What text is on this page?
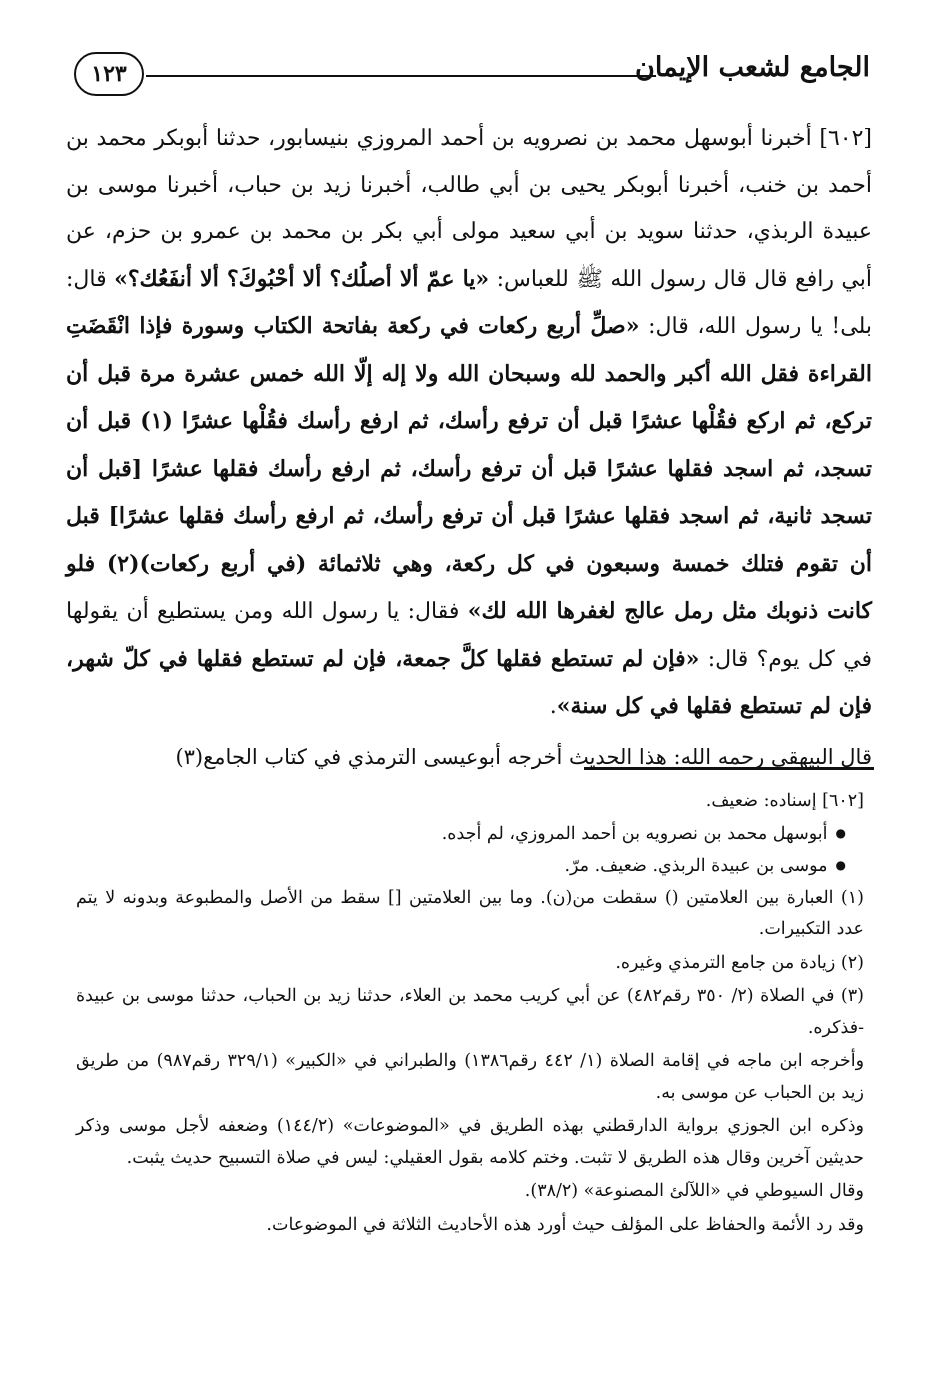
الجامع لشعب الإيمان
١٢٣

[٦٠٢] أخبرنا أبوسهل محمد بن نصرويه بن أحمد المروزي بنيسابور، حدثنا أبوبكر محمد بن أحمد بن خنب، أخبرنا أبوبكر يحيى بن أبي طالب، أخبرنا زيد بن حباب، أخبرنا موسى بن عبيدة الربذي، حدثنا سويد بن أبي سعيد مولى أبي بكر بن محمد بن عمرو بن حزم، عن أبي رافع قال قال رسول الله ﷺ للعباس: «يا عمّ ألا أصلُك؟ ألا أحْبُوكَ؟ ألا أنفَعُك؟» قال: بلى! يا رسول الله، قال: «صلِّ أربع ركعات في ركعة بفاتحة الكتاب وسورة فإذا انْقَضَتِ القراءة فقل الله أكبر والحمد لله وسبحان الله ولا إله إلّا الله خمس عشرة مرة قبل أن تركع، ثم اركع فقُلْها عشرًا قبل أن ترفع رأسك، ثم ارفع رأسك فقُلْها عشرًا (١) قبل أن تسجد، ثم اسجد فقلها عشرًا قبل أن ترفع رأسك، ثم ارفع رأسك فقلها عشرًا [قبل أن تسجد ثانية، ثم اسجد فقلها عشرًا قبل أن ترفع رأسك، ثم ارفع رأسك فقلها عشرًا] قبل أن تقوم فتلك خمسة وسبعون في كل ركعة، وهي ثلاثمائة (في أربع ركعات)(٢) فلو كانت ذنوبك مثل رمل عالج لغفرها الله لك» فقال: يا رسول الله ومن يستطيع أن يقولها في كل يوم؟ قال: «فإن لم تستطع فقلها كلَّ جمعة، فإن لم تستطع فقلها في كلّ شهر، فإن لم تستطع فقلها في كل سنة».

قال البيهقي رحمه الله: هذا الحديث أخرجه أبوعيسى الترمذي في كتاب الجامع(٣)

[٦٠٢] إسناده: ضعيف.

● أبوسهل محمد بن نصرويه بن أحمد المروزي، لم أجده.

● موسى بن عبيدة الربذي. ضعيف. مرّ.

(١) العبارة بين العلامتين () سقطت من(ن). وما بين العلامتين [] سقط من الأصل والمطبوعة وبدونه لا يتم عدد التكبيرات.

(٢) زيادة من جامع الترمذي وغيره.

(٣) في الصلاة (٢/ ٣٥٠ رقم٤٨٢) عن أبي كريب محمد بن العلاء، حدثنا زيد بن الحباب، حدثنا موسى بن عبيدة -فذكره.

وأخرجه ابن ماجه في إقامة الصلاة (١/ ٤٤٢ رقم١٣٨٦) والطبراني في «الكبير» (٣٢٩/١ رقم٩٨٧) من طريق زيد بن الحباب عن موسى به.

وذكره ابن الجوزي برواية الدارقطني بهذه الطريق في «الموضوعات» (١٤٤/٢) وضعفه لأجل موسى وذكر حديثين آخرين وقال هذه الطريق لا تثبت. وختم كلامه بقول العقيلي: ليس في صلاة التسبيح حديث يثبت.

وقال السيوطي في «اللآلئ المصنوعة» (٣٨/٢).

وقد رد الأئمة والحفاظ على المؤلف حيث أورد هذه الأحاديث الثلاثة في الموضوعات.
